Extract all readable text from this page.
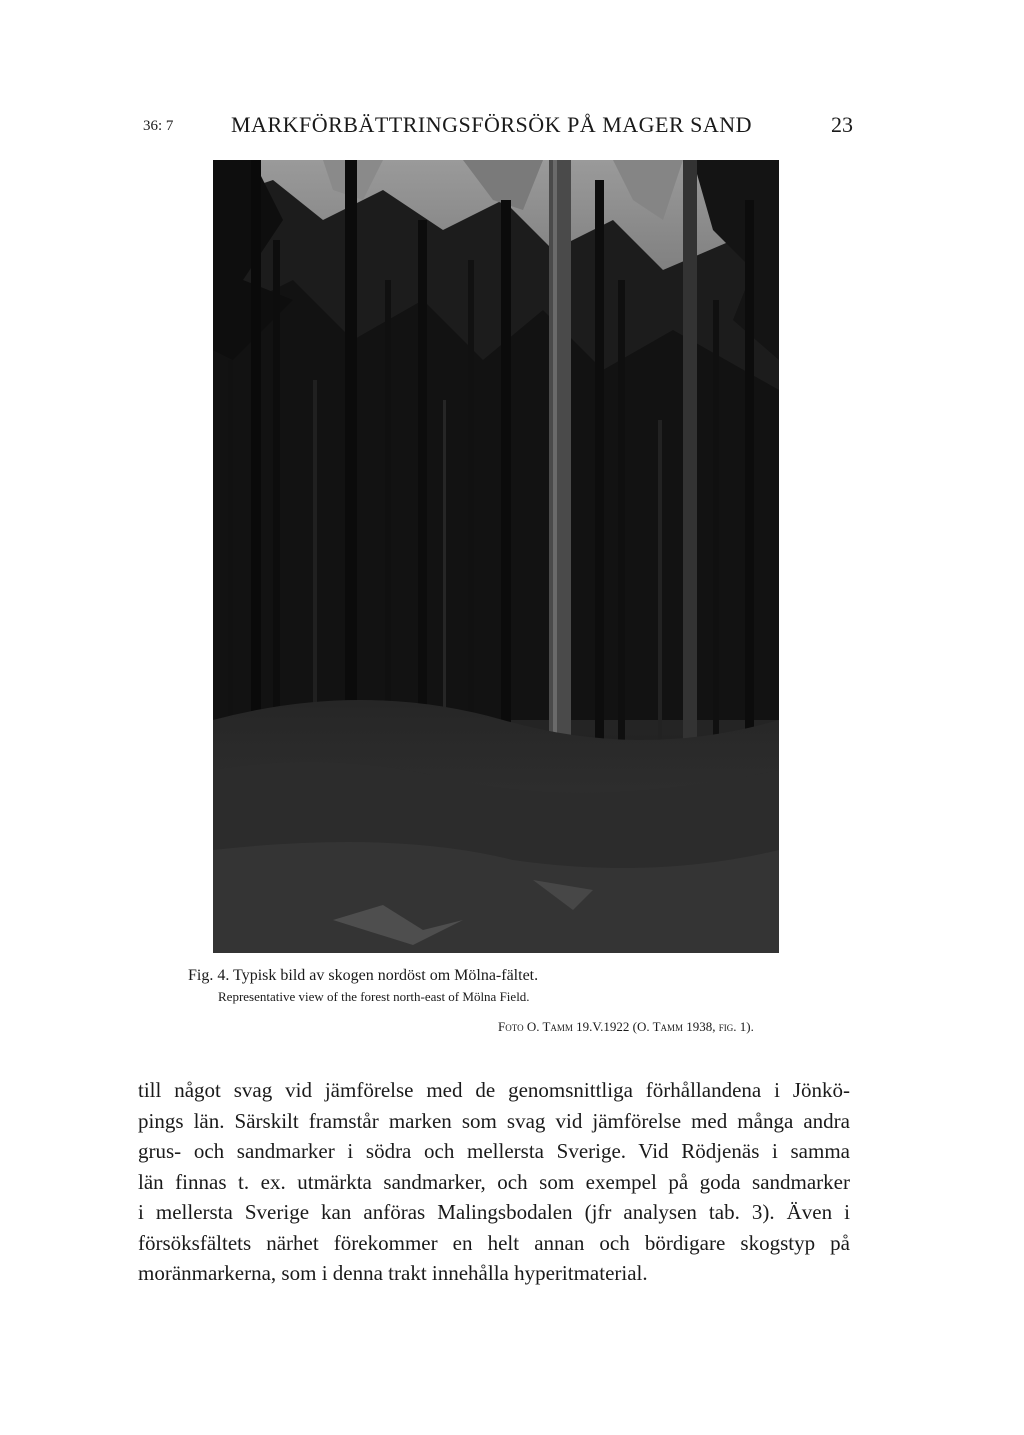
36: 7	MARKFÖRBÄTTRINGSFÖRSÖK PÅ MAGER SAND	23

Fig. 4. Typisk bild av skogen nordöst om Mölna-fältet.

Representative view of the forest north-east of Mölna Field.

Foto O. Tamm 19.V.1922 (O. Tamm 1938, fig. 1).

till något svag vid jämförelse med de genomsnittliga förhållandena i Jönkö-
pings län. Särskilt framstår marken som svag vid jämförelse med många andra
grus- och sandmarker i södra och mellersta Sverige. Vid Rödjenäs i samma
län finnas t. ex. utmärkta sandmarker, och som exempel på goda sandmarker
i mellersta Sverige kan anföras Malingsbodalen (jfr analysen tab. 3). Även i
försöksfältets närhet förekommer en helt annan och bördigare skogstyp på
moränmarkerna, som i denna trakt innehålla hyperitmaterial.
